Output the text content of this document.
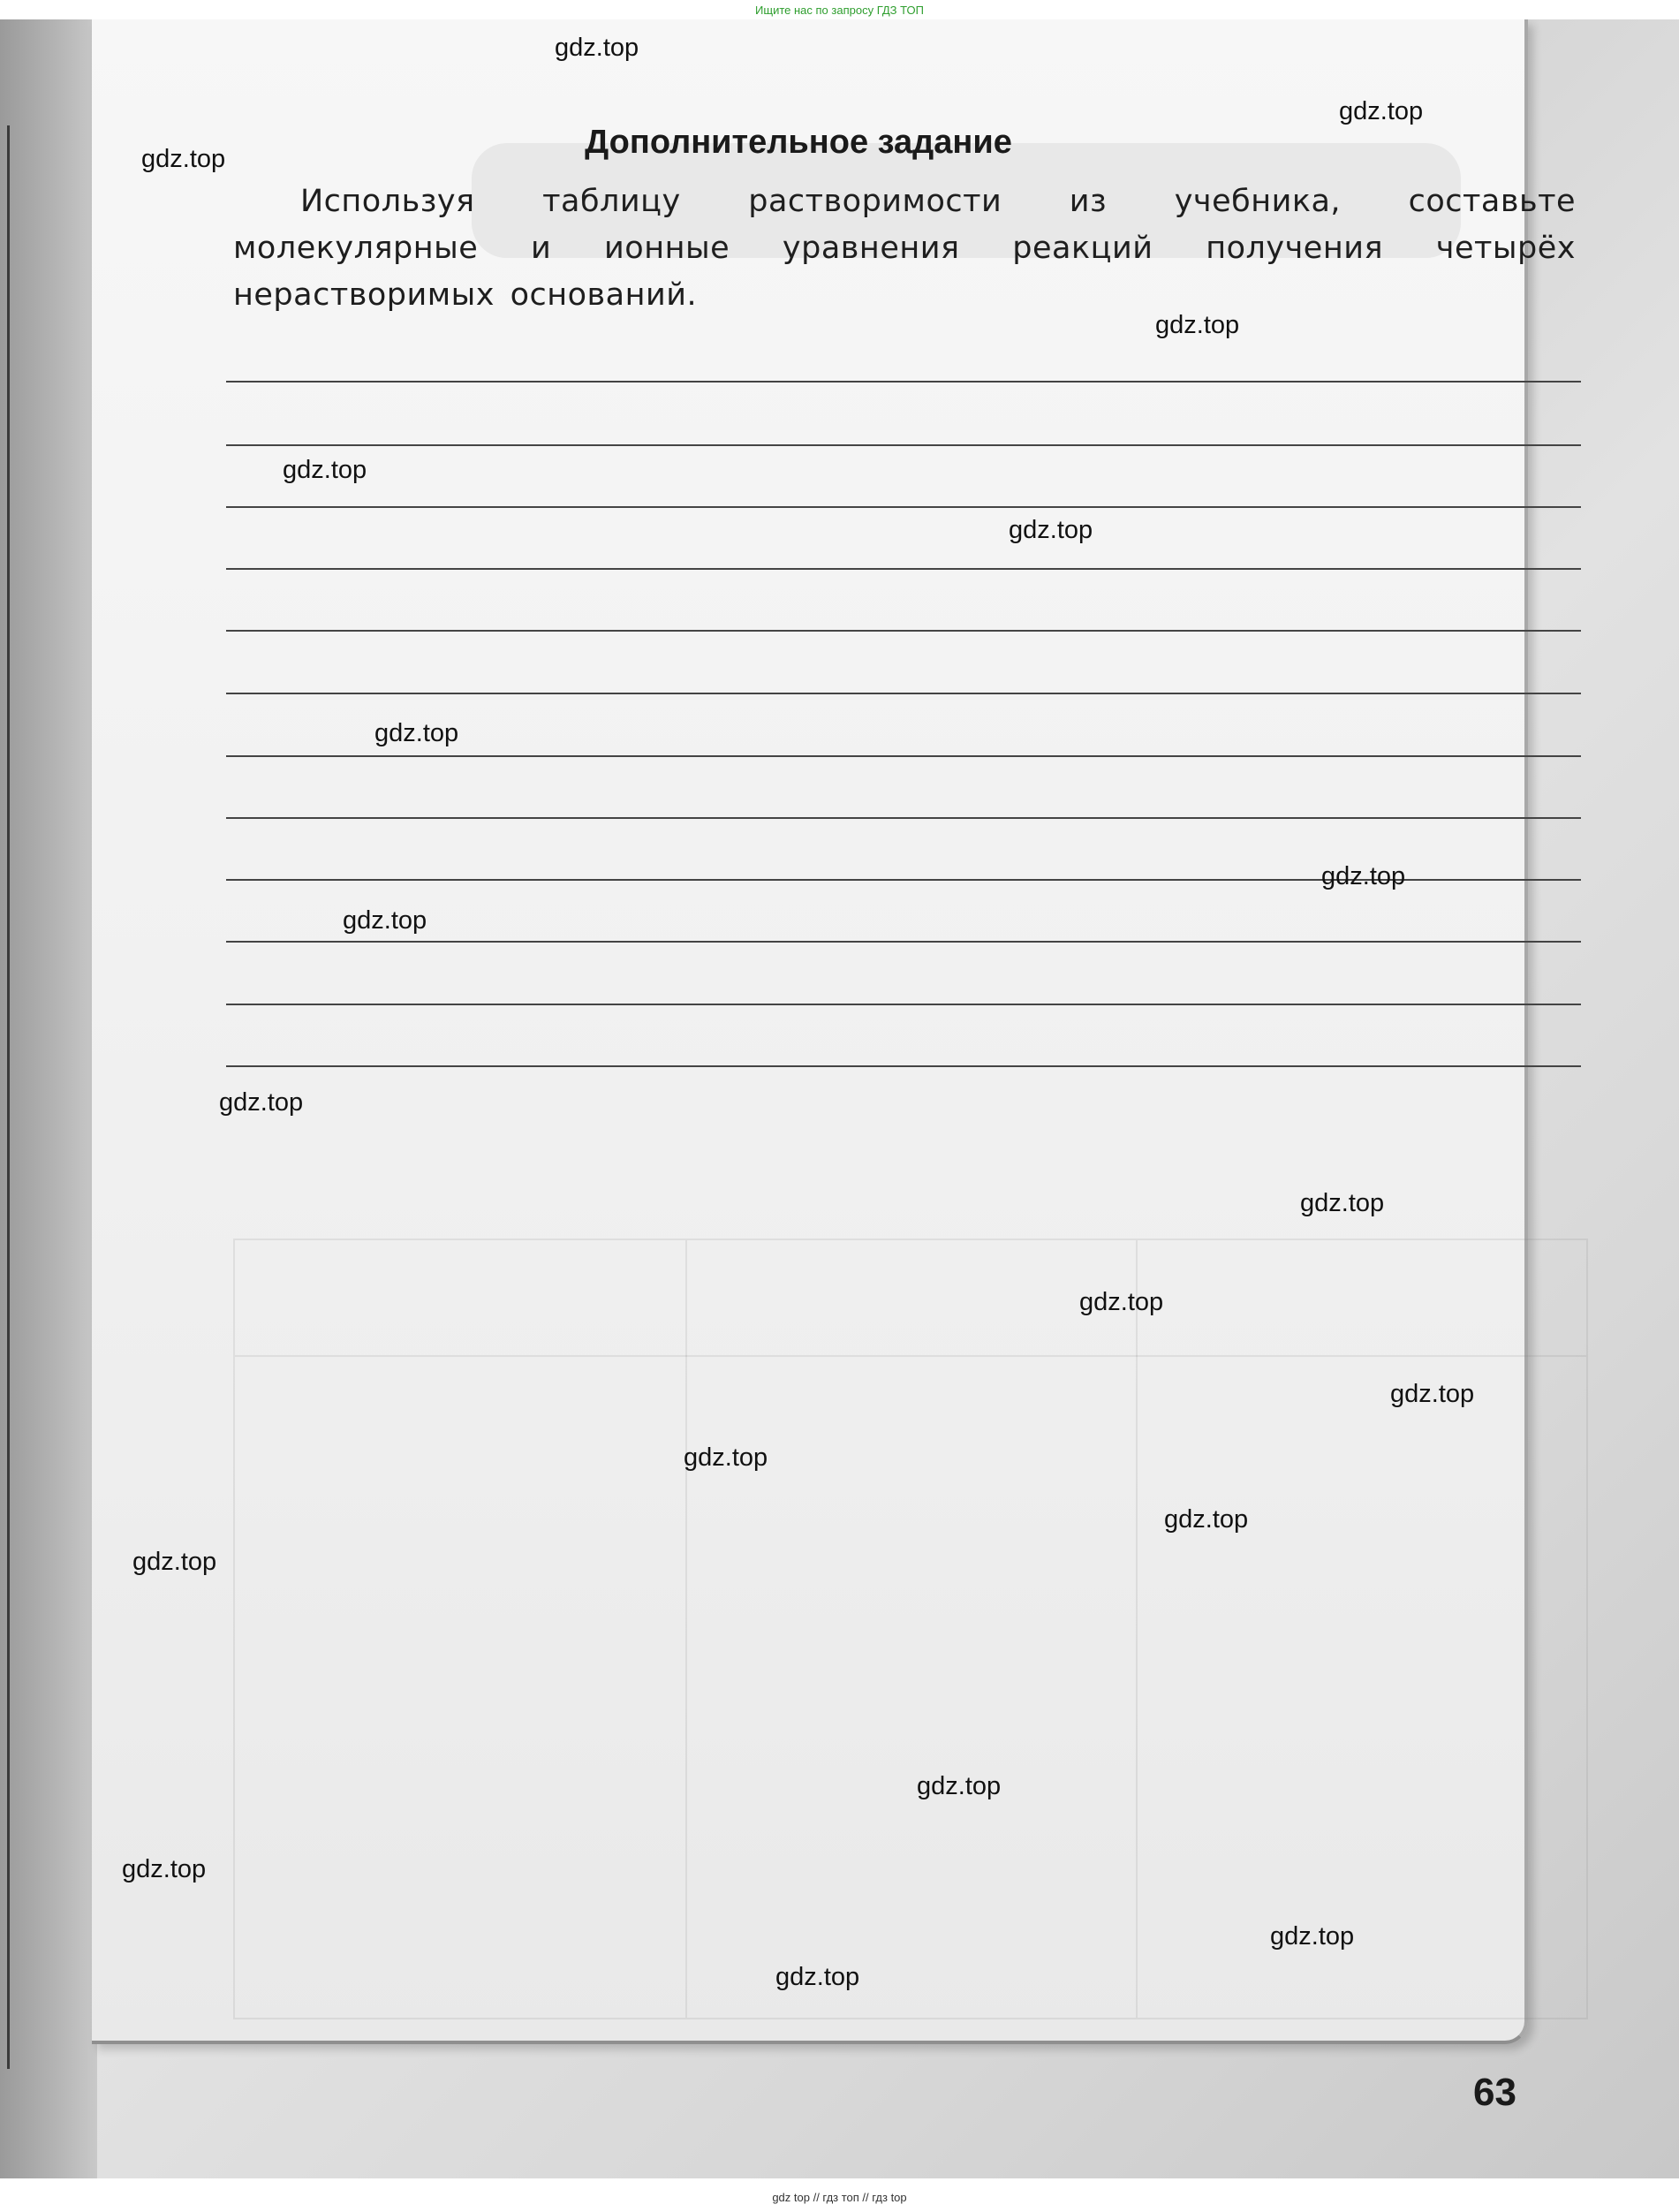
Ищите нас по запросу ГДЗ ТОП
Дополнительное задание
Используя таблицу растворимости из учебника, составьте молекулярные и ионные уравнения реакций получения четырёх нерастворимых оснований.
63
gdz.top
gdz.top
gdz.top
gdz.top
gdz.top
gdz.top
gdz.top
gdz.top
gdz.top
gdz.top
gdz.top
gdz.top
gdz.top
gdz.top
gdz.top
gdz.top
gdz.top
gdz.top
gdz.top
gdz.top
gdz top // гдз топ // гдз top
